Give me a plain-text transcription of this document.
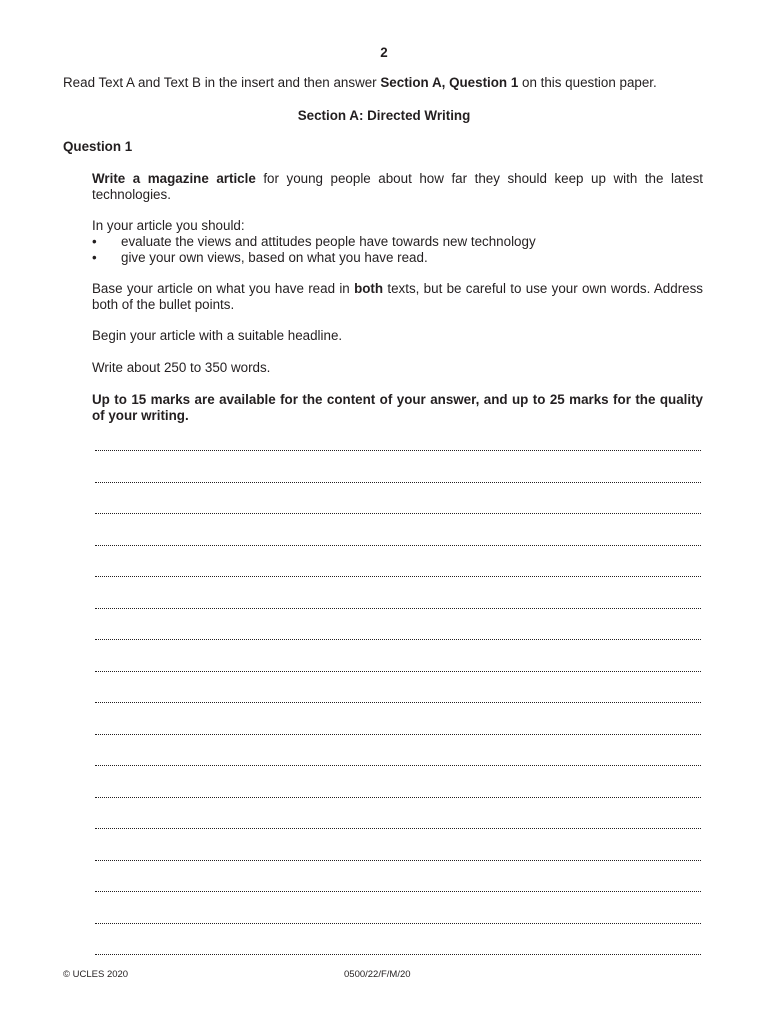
2
Read Text A and Text B in the insert and then answer Section A, Question 1 on this question paper.
Section A: Directed Writing
Question 1
Write a magazine article for young people about how far they should keep up with the latest technologies.
In your article you should:
• evaluate the views and attitudes people have towards new technology
• give your own views, based on what you have read.
Base your article on what you have read in both texts, but be careful to use your own words. Address both of the bullet points.
Begin your article with a suitable headline.
Write about 250 to 350 words.
Up to 15 marks are available for the content of your answer, and up to 25 marks for the quality of your writing.
© UCLES 2020	0500/22/F/M/20
